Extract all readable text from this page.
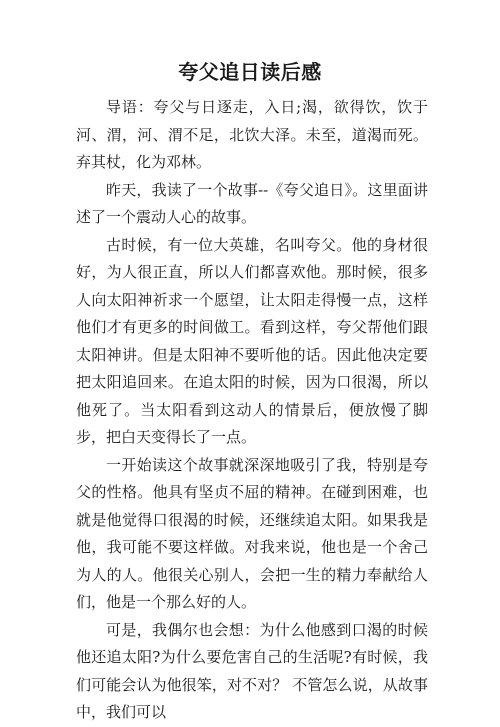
夸父追日读后感

导语：夸父与日逐走，入日;渴，欲得饮，饮于河、渭，河、渭不足，北饮大泽。未至，道渴而死。弃其杖，化为邓林。

昨天，我读了一个故事--《夸父追日》。这里面讲述了一个震动人心的故事。

古时候，有一位大英雄，名叫夸父。他的身材很好，为人很正直，所以人们都喜欢他。那时候，很多人向太阳神祈求一个愿望，让太阳走得慢一点，这样他们才有更多的时间做工。看到这样，夸父帮他们跟太阳神讲。但是太阳神不要听他的话。因此他决定要把太阳追回来。在追太阳的时候，因为口很渴，所以他死了。当太阳看到这动人的情景后，便放慢了脚步，把白天变得长了一点。

一开始读这个故事就深深地吸引了我，特别是夸父的性格。他具有坚贞不屈的精神。在碰到困难，也就是他觉得口很渴的时候，还继续追太阳。如果我是他，我可能不要这样做。对我来说，他也是一个舍己为人的人。他很关心别人，会把一生的精力奉献给人们，他是一个那么好的人。

可是，我偶尔也会想：为什么他感到口渴的时候他还追太阳?为什么要危害自己的生活呢?有时候，我们可能会认为他很笨，对不对？ 不管怎么说，从故事中，我们可以
